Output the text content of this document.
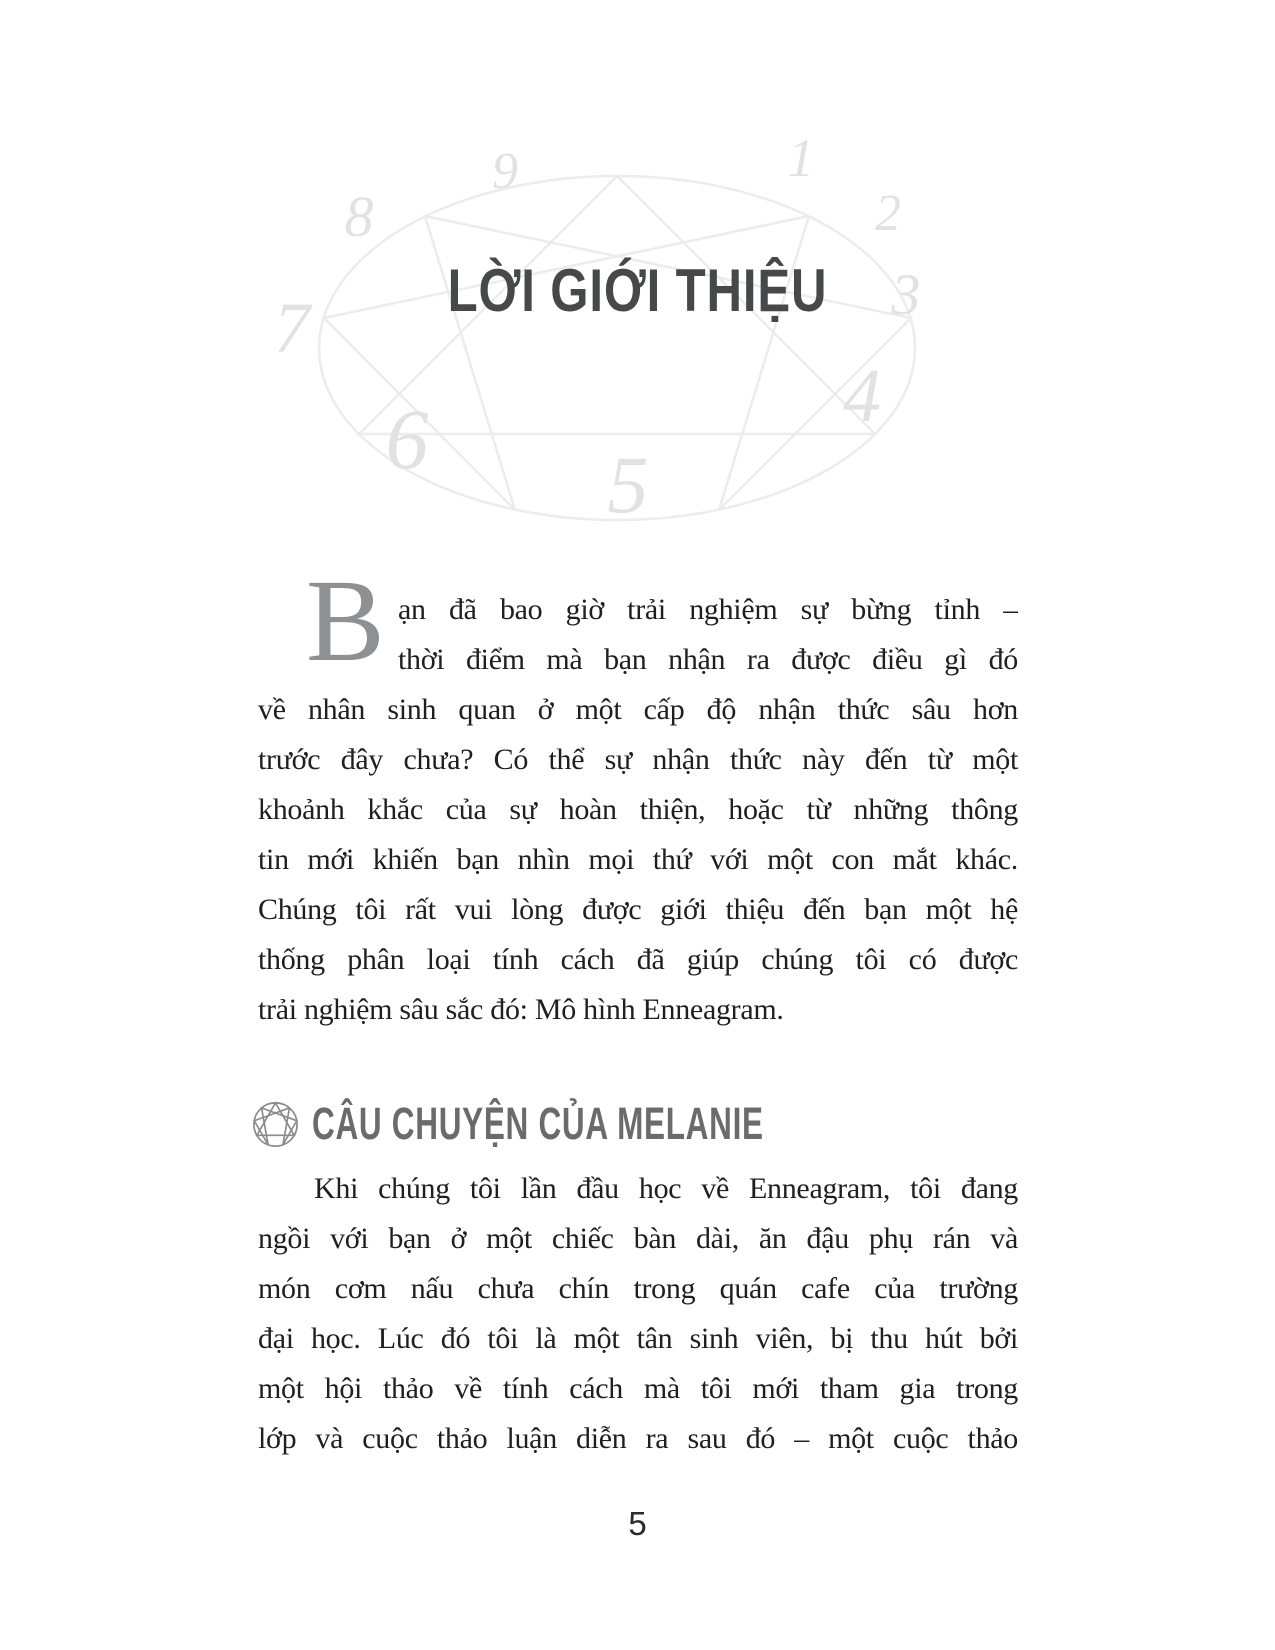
1
2
3
4
5
6
7
8
9
LỜI GIỚI THIỆU
B ạn đã bao giờ trải nghiệm sự bừng tỉnh –
thời điểm mà bạn nhận ra được điều gì đó
về nhân sinh quan ở một cấp độ nhận thức sâu hơn
trước đây chưa? Có thể sự nhận thức này đến từ một
khoảnh khắc của sự hoàn thiện, hoặc từ những thông
tin mới khiến bạn nhìn mọi thứ với một con mắt khác.
Chúng tôi rất vui lòng được giới thiệu đến bạn một hệ
thống phân loại tính cách đã giúp chúng tôi có được
trải nghiệm sâu sắc đó: Mô hình Enneagram.
CÂU CHUYỆN CỦA MELANIE
Khi chúng tôi lần đầu học về Enneagram, tôi đang
ngồi với bạn ở một chiếc bàn dài, ăn đậu phụ rán và
món cơm nấu chưa chín trong quán cafe của trường
đại học. Lúc đó tôi là một tân sinh viên, bị thu hút bởi
một hội thảo về tính cách mà tôi mới tham gia trong
lớp và cuộc thảo luận diễn ra sau đó – một cuộc thảo
5
